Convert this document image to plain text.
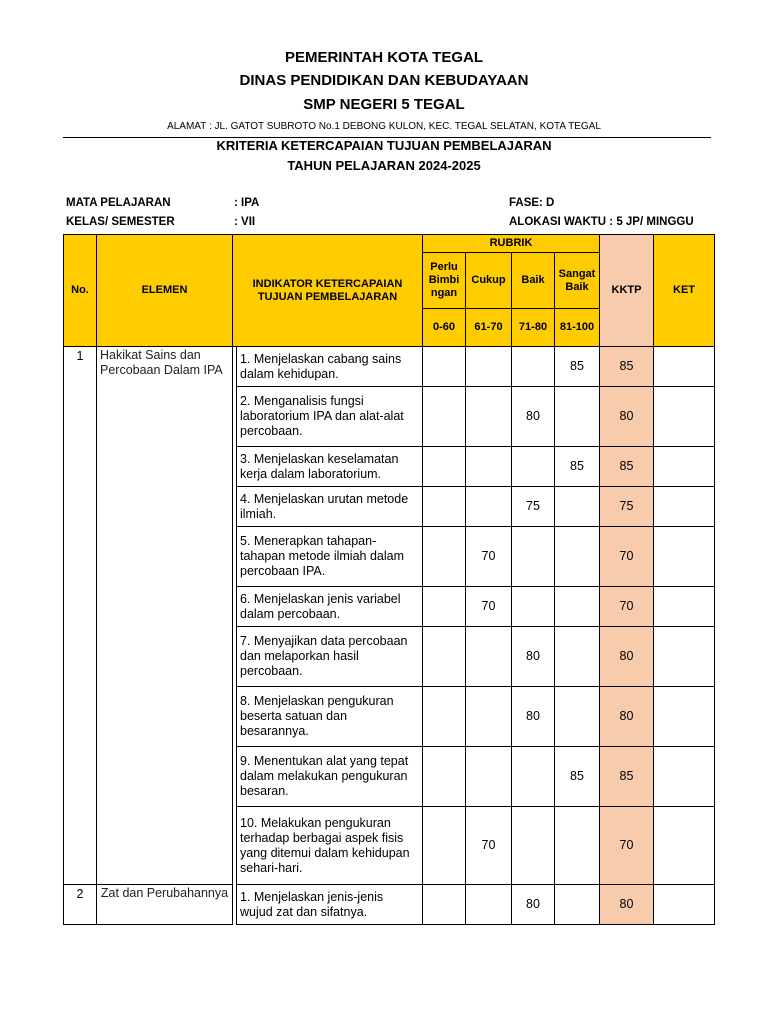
PEMERINTAH KOTA TEGAL
DINAS PENDIDIKAN DAN KEBUDAYAAN
SMP NEGERI 5 TEGAL
ALAMAT : JL. GATOT SUBROTO No.1 DEBONG KULON, KEC. TEGAL SELATAN, KOTA TEGAL
KRITERIA KETERCAPAIAN TUJUAN PEMBELAJARAN
TAHUN PELAJARAN 2024-2025
MATA PELAJARAN	: IPA	FASE: D
KELAS/ SEMESTER	: VII	ALOKASI WAKTU : 5 JP/ MINGGU
No.	ELEMEN	INDIKATOR KETERCAPAIAN TUJUAN PEMBELAJARAN		RUBRIK				KKTP	KET
				Perlu Bimbi ngan	Cukup	Baik	Sangat Baik		
				0-60	61-70	71-80	81-100		
1	Hakikat Sains dan Percobaan Dalam IPA		1. Menjelaskan cabang sains dalam kehidupan.				85	85	
			2. Menganalisis fungsi laboratorium IPA dan alat-alat percobaan.			80		80	
			3. Menjelaskan keselamatan kerja dalam laboratorium.				85	85	
			4. Menjelaskan urutan metode ilmiah.			75		75	
			5. Menerapkan tahapan-tahapan metode ilmiah dalam percobaan IPA.		70			70	
			6. Menjelaskan jenis variabel dalam percobaan.		70			70	
			7. Menyajikan data percobaan dan melaporkan hasil percobaan.			80		80	
			8. Menjelaskan pengukuran beserta satuan dan besarannya.			80		80	
			9. Menentukan alat yang tepat dalam melakukan pengukuran besaran.				85	85	
			10. Melakukan pengukuran terhadap berbagai aspek fisis yang ditemui dalam kehidupan sehari-hari.		70			70	
2	Zat dan Perubahannya		1. Menjelaskan jenis-jenis wujud zat dan sifatnya.			80		80	
